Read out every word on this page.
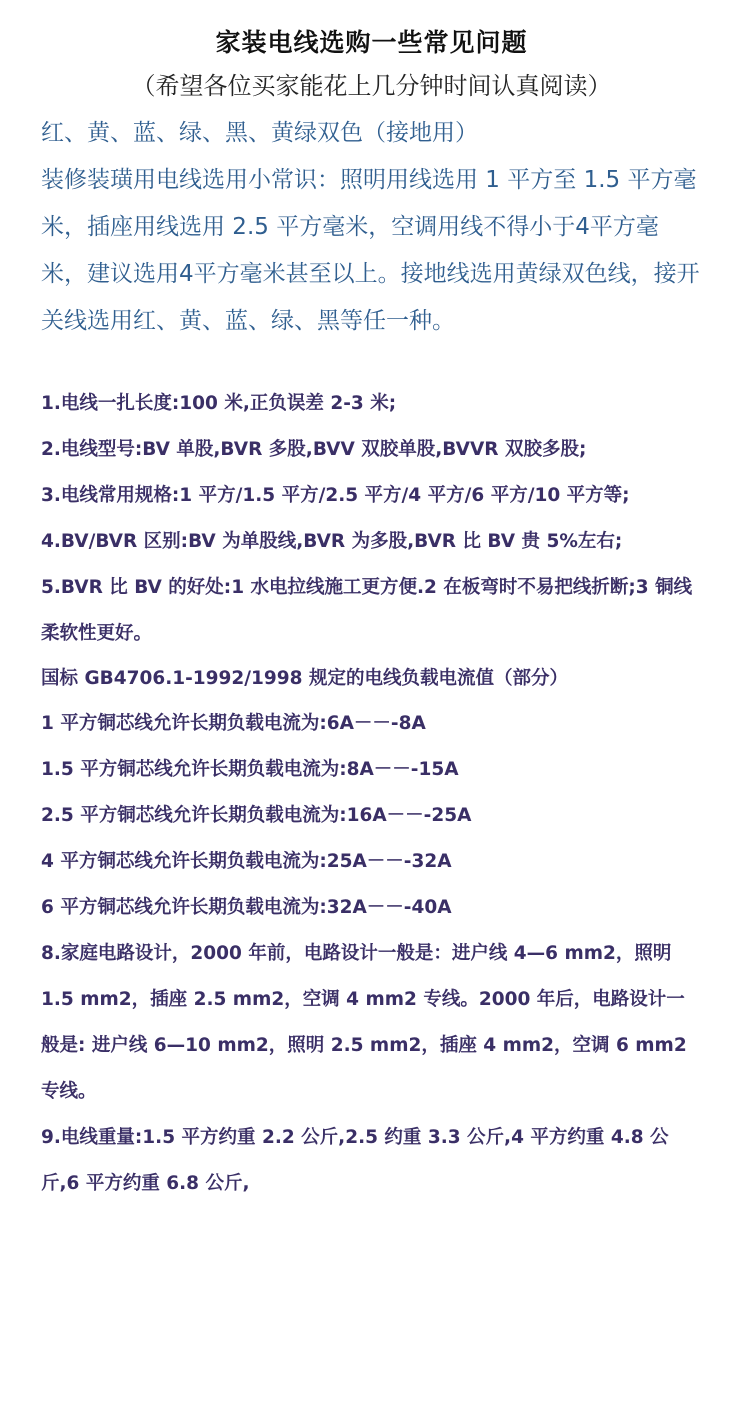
家装电线选购一些常见问题
（希望各位买家能花上几分钟时间认真阅读）

红、黄、蓝、绿、黑、黄绿双色（接地用）

装修装璜用电线选用小常识：照明用线选用 1 平方至 1.5 平方毫米，插座用线选用 2.5 平方毫米，空调用线不得小于4平方毫米，建议选用4平方毫米甚至以上。接地线选用黄绿双色线，接开关线选用红、黄、蓝、绿、黑等任一种。

1.电线一扎长度:100 米,正负误差 2-3 米;

2.电线型号:BV 单股,BVR 多股,BVV 双胶单股,BVVR 双胶多股;

3.电线常用规格:1 平方/1.5 平方/2.5 平方/4 平方/6 平方/10 平方等;

4.BV/BVR 区别:BV 为单股线,BVR 为多股,BVR 比 BV 贵 5%左右;

5.BVR 比 BV 的好处:1 水电拉线施工更方便.2 在板弯时不易把线折断;3 铜线柔软性更好。

国标 GB4706.1-1992/1998 规定的电线负载电流值（部分）

1 平方铜芯线允许长期负载电流为:6A－－-8A

1.5 平方铜芯线允许长期负载电流为:8A－－-15A

2.5 平方铜芯线允许长期负载电流为:16A－－-25A

4 平方铜芯线允许长期负载电流为:25A－－-32A

6 平方铜芯线允许长期负载电流为:32A－－-40A

8.家庭电路设计，2000 年前，电路设计一般是：进户线 4—6 mm2，照明 1.5 mm2，插座 2.5 mm2，空调 4 mm2 专线。2000 年后，电路设计一般是: 进户线 6—10 mm2，照明 2.5 mm2，插座 4 mm2，空调 6 mm2 专线。

9.电线重量:1.5 平方约重 2.2 公斤,2.5 约重 3.3 公斤,4 平方约重 4.8 公斤,6 平方约重 6.8 公斤,
